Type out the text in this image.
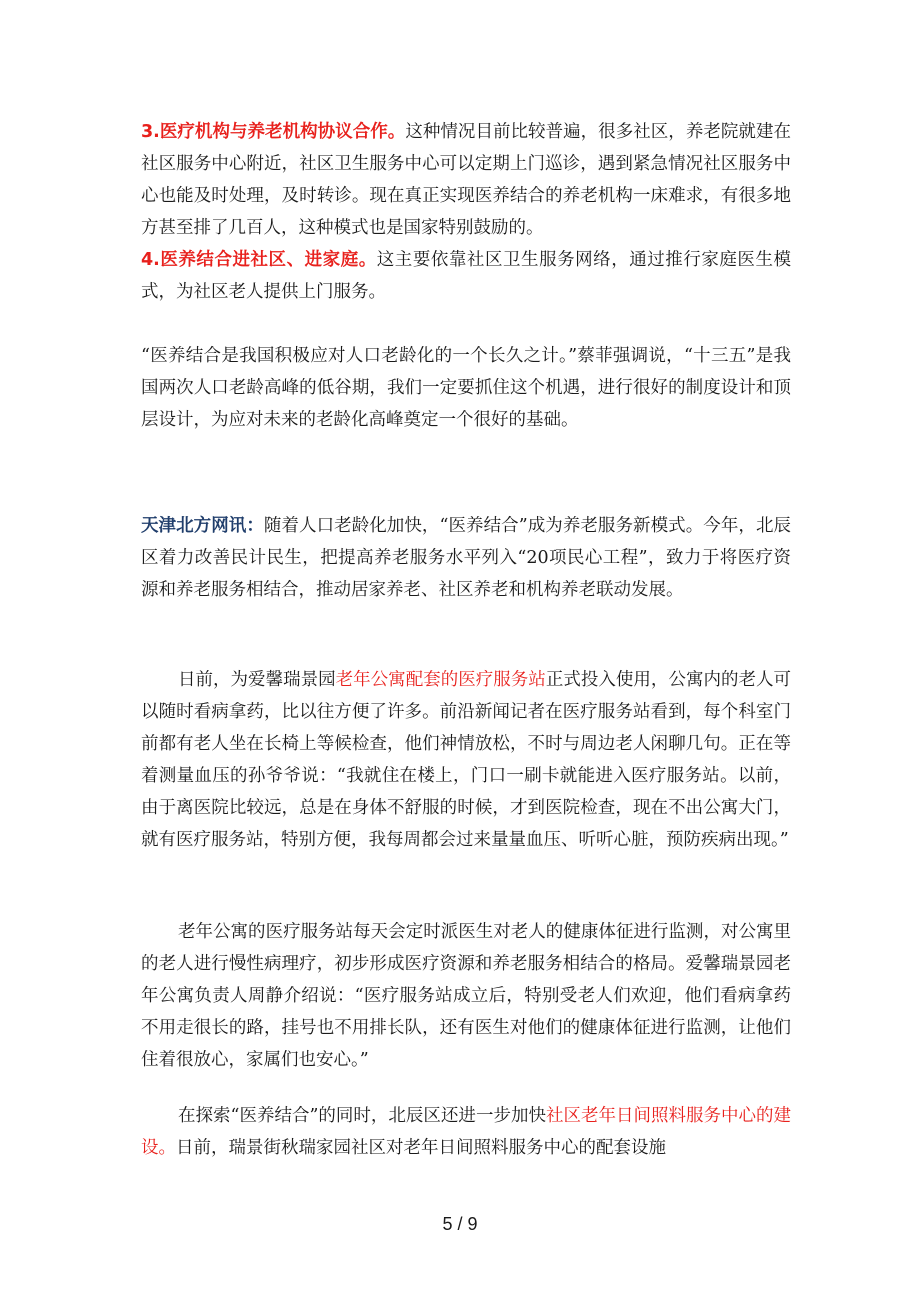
3.医疗机构与养老机构协议合作。这种情况目前比较普遍，很多社区，养老院就建在社区服务中心附近，社区卫生服务中心可以定期上门巡诊，遇到紧急情况社区服务中心也能及时处理，及时转诊。现在真正实现医养结合的养老机构一床难求，有很多地方甚至排了几百人，这种模式也是国家特别鼓励的。

4.医养结合进社区、进家庭。这主要依靠社区卫生服务网络，通过推行家庭医生模式，为社区老人提供上门服务。

“医养结合是我国积极应对人口老龄化的一个长久之计。”蔡菲强调说，“十三五”是我国两次人口老龄高峰的低谷期，我们一定要抓住这个机遇，进行很好的制度设计和顶层设计，为应对未来的老龄化高峰奠定一个很好的基础。

天津北方网讯：随着人口老龄化加快，“医养结合”成为养老服务新模式。今年，北辰区着力改善民计民生，把提高养老服务水平列入“20项民心工程”，致力于将医疗资源和养老服务相结合，推动居家养老、社区养老和机构养老联动发展。

日前，为爱馨瑞景园老年公寓配套的医疗服务站正式投入使用，公寓内的老人可以随时看病拿药，比以往方便了许多。前沿新闻记者在医疗服务站看到，每个科室门前都有老人坐在长椅上等候检查，他们神情放松，不时与周边老人闲聊几句。正在等着测量血压的孙爷爷说：“我就住在楼上，门口一刷卡就能进入医疗服务站。以前，由于离医院比较远，总是在身体不舒服的时候，才到医院检查，现在不出公寓大门，就有医疗服务站，特别方便，我每周都会过来量量血压、听听心脏，预防疾病出现。”

老年公寓的医疗服务站每天会定时派医生对老人的健康体征进行监测，对公寓里的老人进行慢性病理疗，初步形成医疗资源和养老服务相结合的格局。爱馨瑞景园老年公寓负责人周静介绍说：“医疗服务站成立后，特别受老人们欢迎，他们看病拿药不用走很长的路，挂号也不用排长队，还有医生对他们的健康体征进行监测，让他们住着很放心，家属们也安心。”

在探索“医养结合”的同时，北辰区还进一步加快社区老年日间照料服务中心的建设。日前，瑞景街秋瑞家园社区对老年日间照料服务中心的配套设施

5 / 9
